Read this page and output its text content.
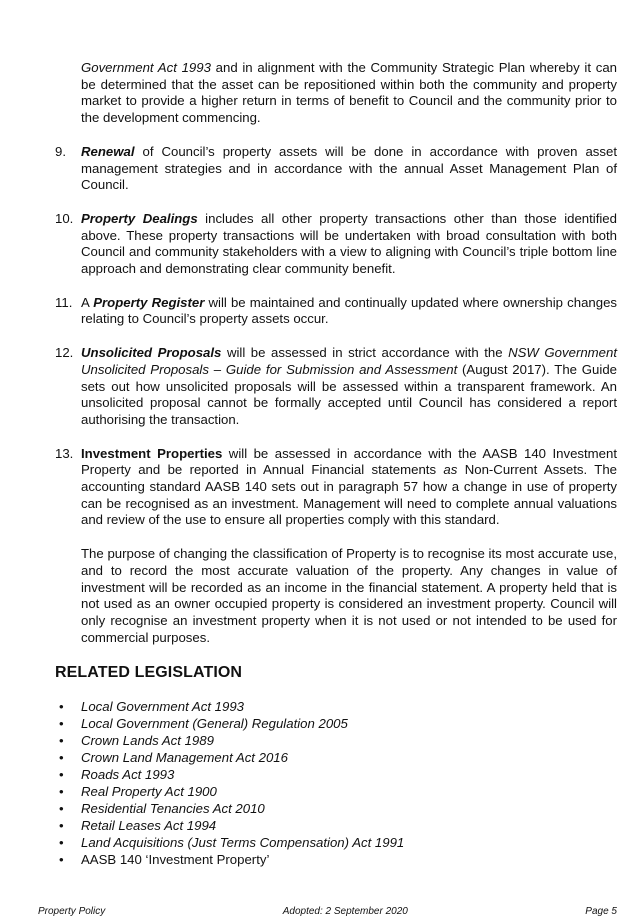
Government Act 1993 and in alignment with the Community Strategic Plan whereby it can be determined that the asset can be repositioned within both the community and property market to provide a higher return in terms of benefit to Council and the community prior to the development commencing.

9.	Renewal of Council’s property assets will be done in accordance with proven asset management strategies and in accordance with the annual Asset Management Plan of Council.
10. Property Dealings includes all other property transactions other than those identified above. These property transactions will be undertaken with broad consultation with both Council and community stakeholders with a view to aligning with Council’s triple bottom line approach and demonstrating clear community benefit.
11. A Property Register will be maintained and continually updated where ownership changes relating to Council’s property assets occur.
12. Unsolicited Proposals will be assessed in strict accordance with the NSW Government Unsolicited Proposals – Guide for Submission and Assessment (August 2017). The Guide sets out how unsolicited proposals will be assessed within a transparent framework. An unsolicited proposal cannot be formally accepted until Council has considered a report authorising the transaction.
13. Investment Properties will be assessed in accordance with the AASB 140 Investment Property and be reported in Annual Financial statements as Non-Current Assets. The accounting standard AASB 140 sets out in paragraph 57 how a change in use of property can be recognised as an investment. Management will need to complete annual valuations and review of the use to ensure all properties comply with this standard.

The purpose of changing the classification of Property is to recognise its most accurate use, and to record the most accurate valuation of the property. Any changes in value of investment will be recorded as an income in the financial statement. A property held that is not used as an owner occupied property is considered an investment property. Council will only recognise an investment property when it is not used or not intended to be used for commercial purposes.

RELATED LEGISLATION
•	Local Government Act 1993
•	Local Government (General) Regulation 2005
•	Crown Lands Act 1989
•	Crown Land Management Act 2016
•	Roads Act 1993
•	Real Property Act 1900
•	Residential Tenancies Act 2010
•	Retail Leases Act 1994
•	Land Acquisitions (Just Terms Compensation) Act 1991
•	AASB 140 ‘Investment Property’
Property Policy	Adopted: 2 September 2020	Page 5
